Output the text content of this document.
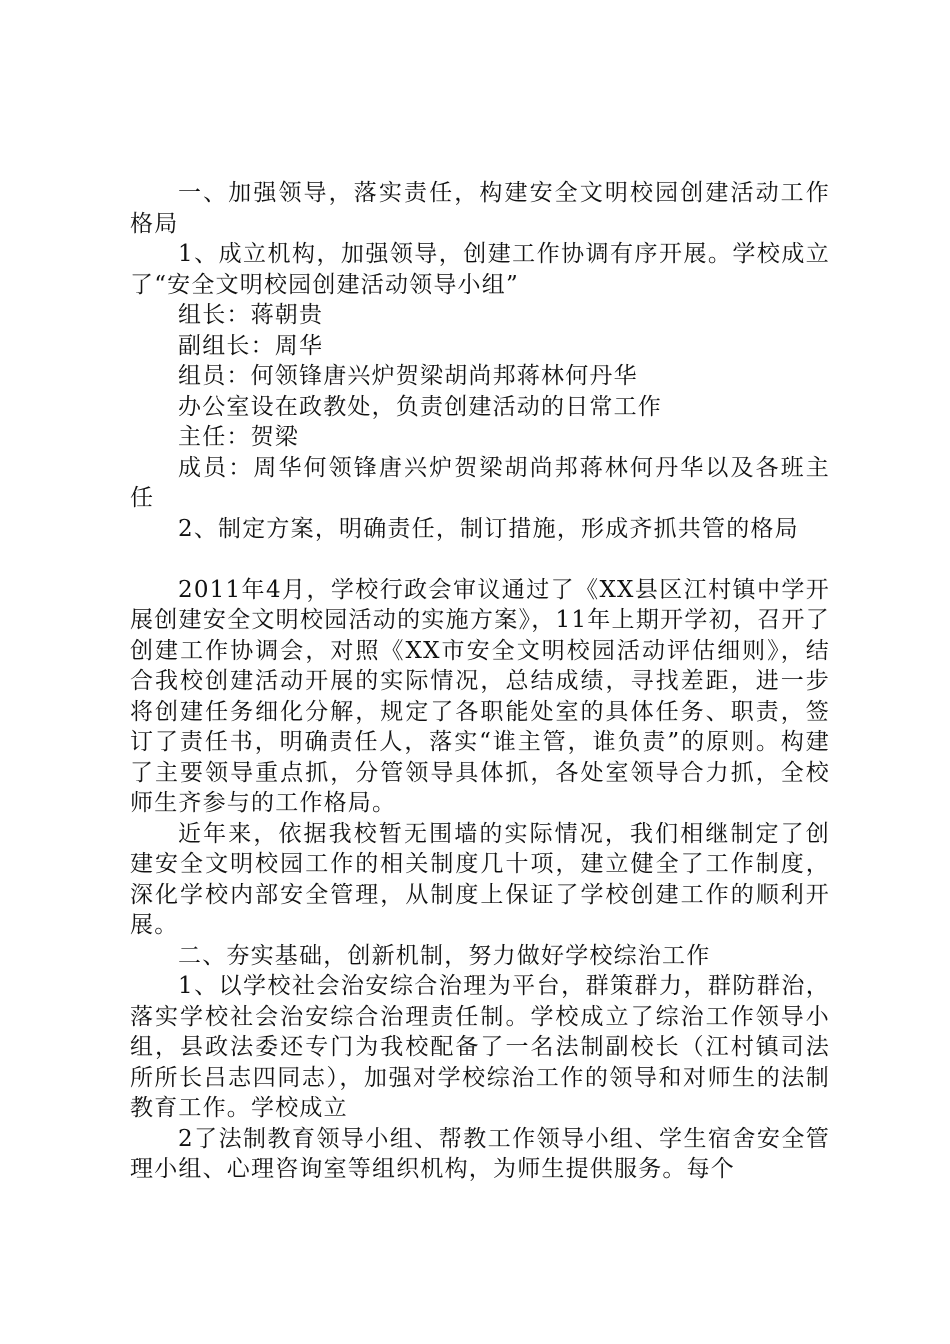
一、加强领导，落实责任，构建安全文明校园创建活动工作格局

1、成立机构，加强领导，创建工作协调有序开展。学校成立了“安全文明校园创建活动领导小组”

组长：蒋朝贵

副组长：周华

组员：何领锋唐兴炉贺梁胡尚邦蒋林何丹华

办公室设在政教处，负责创建活动的日常工作

主任：贺梁

成员：周华何领锋唐兴炉贺梁胡尚邦蒋林何丹华以及各班主任

2、制定方案，明确责任，制订措施，形成齐抓共管的格局

2011年4月，学校行政会审议通过了《XX县区江村镇中学开展创建安全文明校园活动的实施方案》，11年上期开学初，召开了创建工作协调会，对照《XX市安全文明校园活动评估细则》，结合我校创建活动开展的实际情况，总结成绩，寻找差距，进一步将创建任务细化分解，规定了各职能处室的具体任务、职责，签订了责任书，明确责任人，落实“谁主管，谁负责”的原则。构建了主要领导重点抓，分管领导具体抓，各处室领导合力抓，全校师生齐参与的工作格局。

近年来，依据我校暂无围墙的实际情况，我们相继制定了创建安全文明校园工作的相关制度几十项，建立健全了工作制度，深化学校内部安全管理，从制度上保证了学校创建工作的顺利开展。

二、夯实基础，创新机制，努力做好学校综治工作

1、以学校社会治安综合治理为平台，群策群力，群防群治，落实学校社会治安综合治理责任制。学校成立了综治工作领导小组，县政法委还专门为我校配备了一名法制副校长（江村镇司法所所长吕志四同志），加强对学校综治工作的领导和对师生的法制教育工作。学校成立

2了法制教育领导小组、帮教工作领导小组、学生宿舍安全管理小组、心理咨询室等组织机构，为师生提供服务。每个
